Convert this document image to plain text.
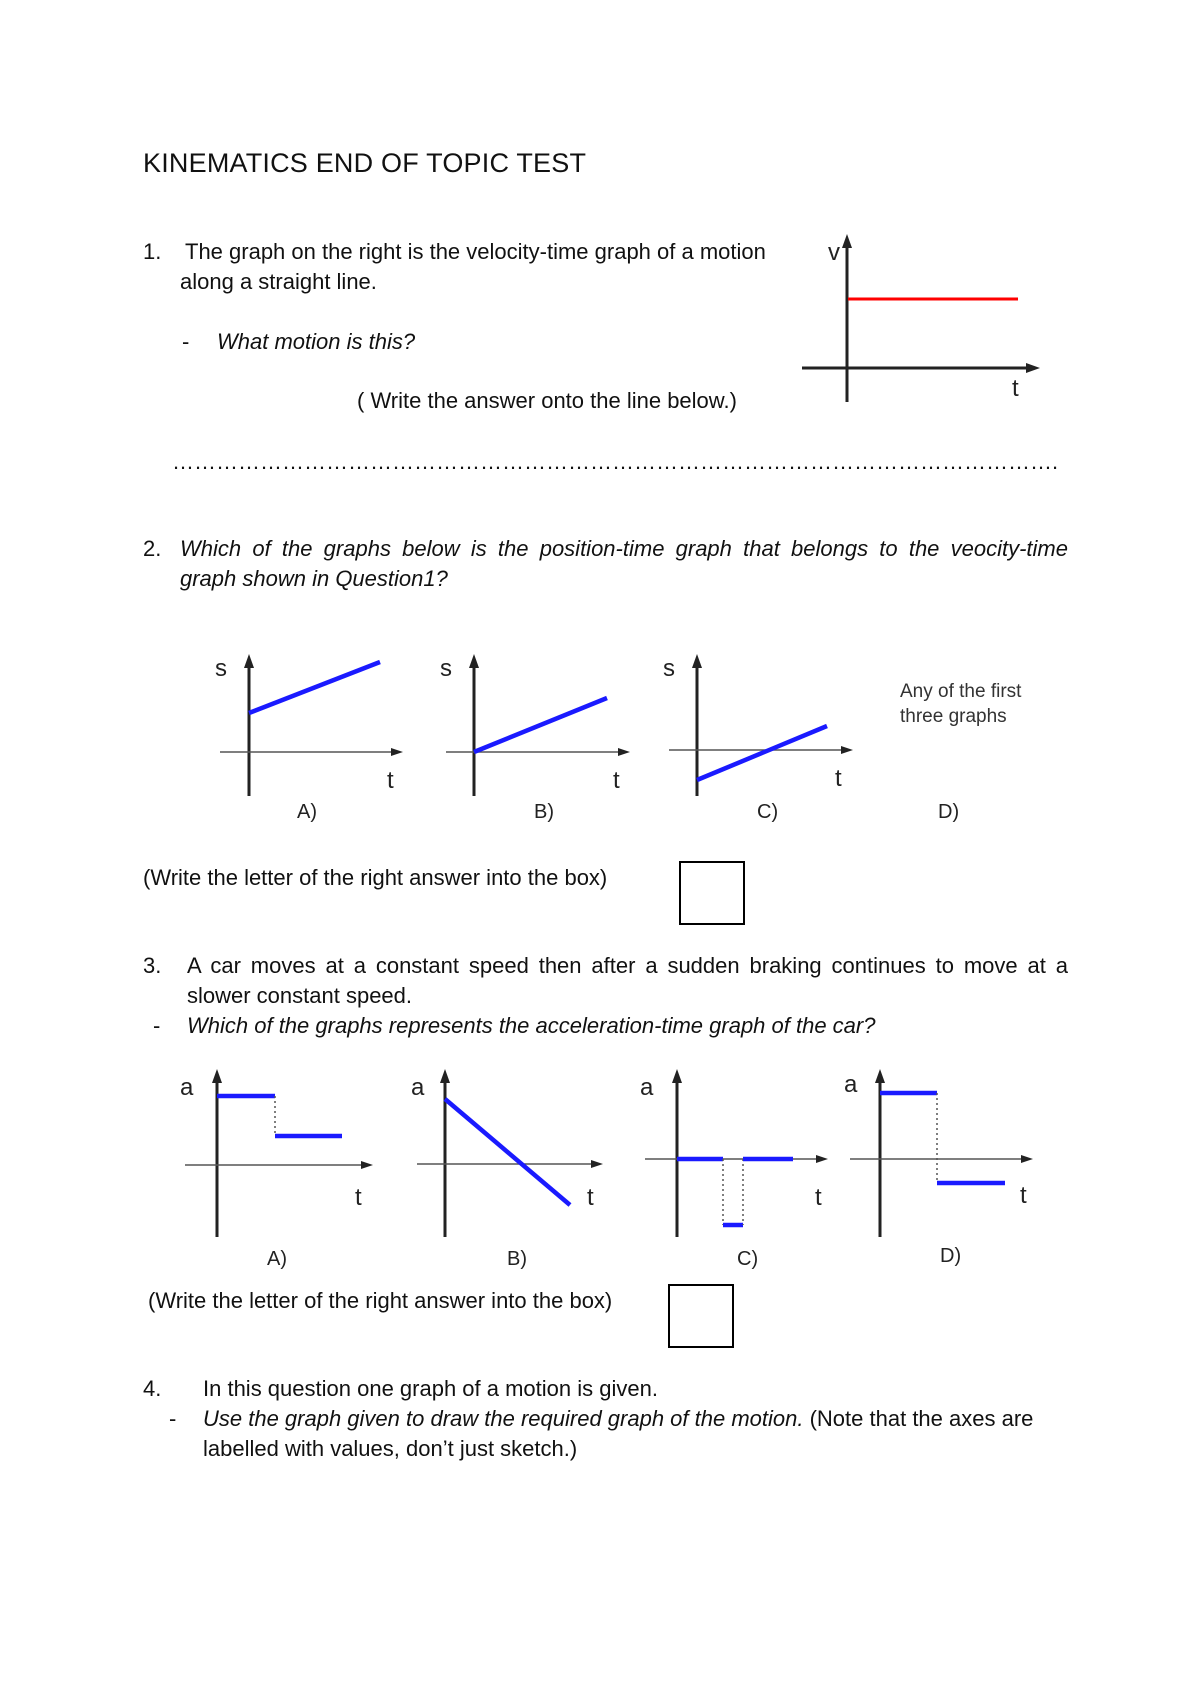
KINEMATICS END OF TOPIC TEST
1. The graph on the right is the velocity-time graph of a motion
along a straight line.
- What motion is this?
( Write the answer onto the line below.)
………………………………………………………………………………………………………….
v
t
2. Which of the graphs below is the position-time graph that belongs to the veocity-time
graph shown in Question1?
s
t
A)
s
t
B)
s
t
C)
Any of the first
three graphs
D)
(Write the letter of the right answer into the box)
3. A car moves at a constant speed then after a sudden braking continues to move at a
slower constant speed.
- Which of the graphs represents the acceleration-time graph of the car?
a
t
A)
a
t
B)
a
t
C)
a
t
D)
(Write the letter of the right answer into the box)
4. In this question one graph of a motion is given.
- Use the graph given to draw the required graph of the motion. (Note that the axes are
labelled with values, don’t just sketch.)
